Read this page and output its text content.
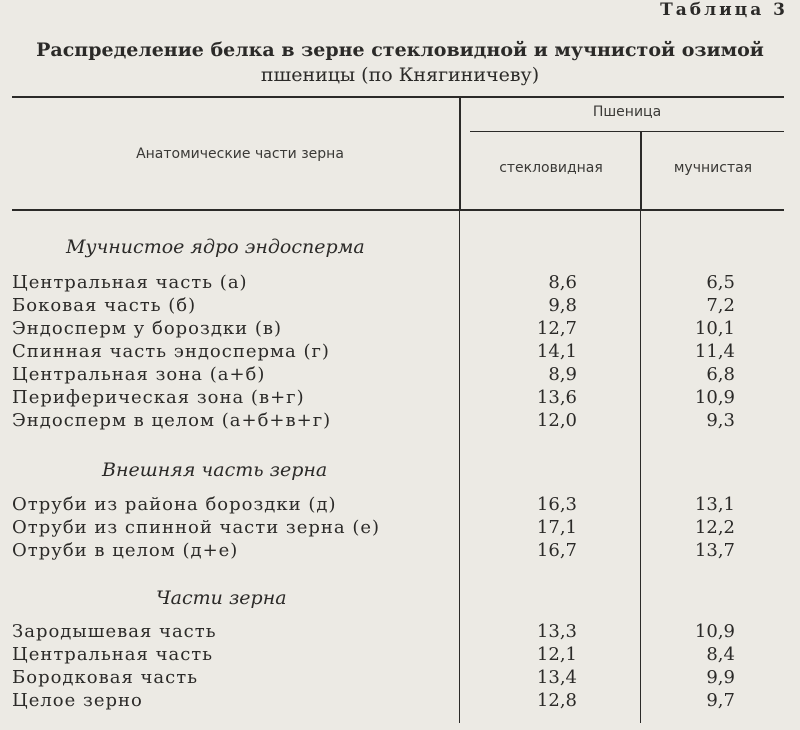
Таблица 3
Распределение белка в зерне стекловидной и мучнистой озимой
пшеницы (по Княгиничеву)
Анатомические части зерна
Пшеница
стекловидная	мучнистая
Мучнистое ядро эндосперма
Центральная часть (а)	8,6	6,5
Боковая часть (б)	9,8	7,2
Эндосперм у бороздки (в)	12,7	10,1
Спинная часть эндосперма (г)	14,1	11,4
Центральная зона (а+б)	8,9	6,8
Периферическая зона (в+г)	13,6	10,9
Эндосперм в целом (а+б+в+г)	12,0	9,3
Внешняя часть зерна
Отруби из района бороздки (д)	16,3	13,1
Отруби из спинной части зерна (е)	17,1	12,2
Отруби в целом (д+е)	16,7	13,7
Части зерна
Зародышевая часть	13,3	10,9
Центральная часть	12,1	8,4
Бородковая часть	13,4	9,9
Целое зерно	12,8	9,7
